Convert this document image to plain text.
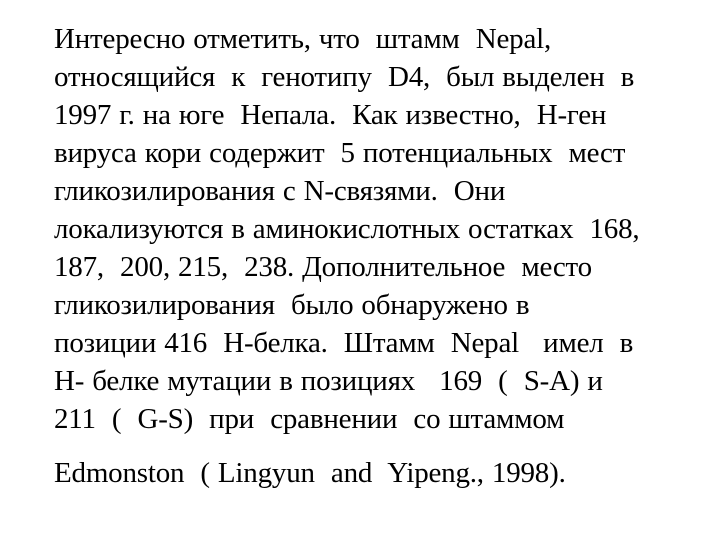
Интересно отметить, что  штамм  Nepal,
относящийся  к  генотипу  D4,  был выделен  в
1997 г. на юге  Непала.  Как известно,  H-ген
вируса кори содержит  5 потенциальных  мест
гликозилирования с N-связями.  Они
локализуются в аминокислотных остатках  168,
187,  200, 215,  238. Дополнительное  место
гликозилирования  было обнаружено в
позиции 416  H-белка.  Штамм  Nepal   имел  в
H- белке мутации в позициях   169  (  S-A) и
211  (  G-S)  при  сравнении  со штаммом
Edmonston  ( Lingyun  and  Yipeng., 1998).
